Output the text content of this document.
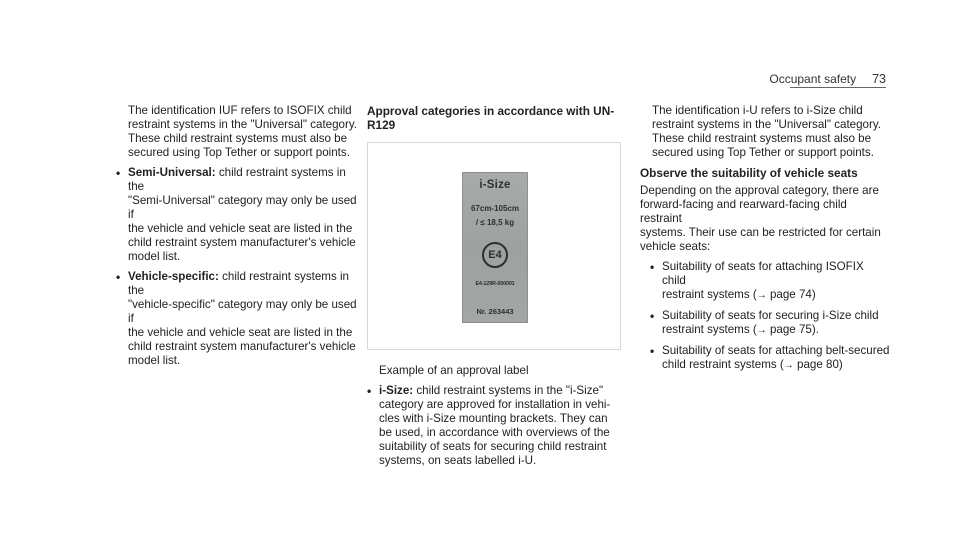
Occupant safety	73
The identification IUF refers to ISOFIX child
restraint systems in the "Universal" category.
These child restraint systems must also be
secured using Top Tether or support points.
• Semi-Universal: child restraint systems in the
"Semi-Universal" category may only be used if
the vehicle and vehicle seat are listed in the
child restraint system manufacturer's vehicle
model list.
• Vehicle-specific: child restraint systems in the
"vehicle-specific" category may only be used if
the vehicle and vehicle seat are listed in the
child restraint system manufacturer's vehicle
model list.
Approval categories in accordance with UN-R129
i-Size
67cm-105cm
/ ≤ 18,5 kg
E4
E4-129R-000001
Nr. 263443
Example of an approval label
• i-Size: child restraint systems in the "i-Size"
category are approved for installation in vehi-
cles with i-Size mounting brackets. They can
be used, in accordance with overviews of the
suitability of seats for securing child restraint
systems, on seats labelled i-U.
The identification i-U refers to i-Size child
restraint systems in the "Universal" category.
These child restraint systems must also be
secured using Top Tether or support points.
Observe the suitability of vehicle seats
Depending on the approval category, there are
forward-facing and rearward-facing child restraint
systems. Their use can be restricted for certain
vehicle seats:
• Suitability of seats for attaching ISOFIX child
restraint systems (→ page 74)
• Suitability of seats for securing i-Size child
restraint systems (→ page 75).
• Suitability of seats for attaching belt-secured
child restraint systems (→ page 80)
